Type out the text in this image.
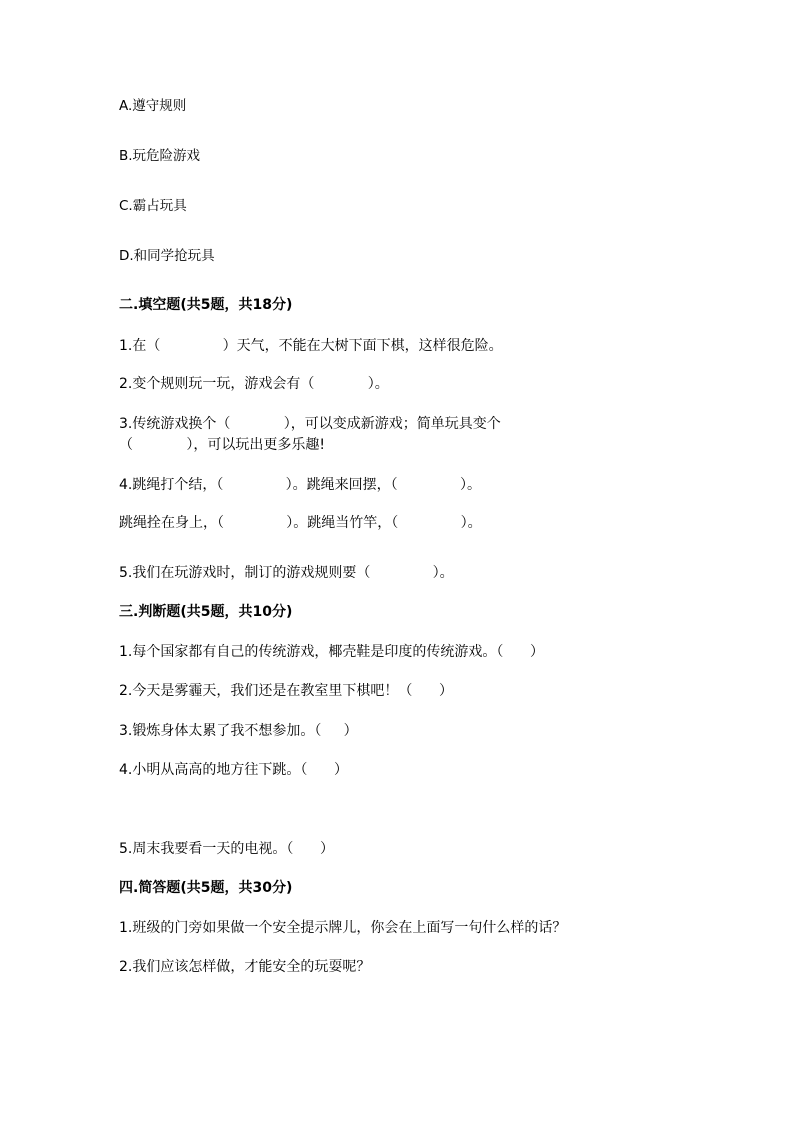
A.遵守规则
B.玩危险游戏
C.霸占玩具
D.和同学抢玩具
二.填空题(共5题，共18分)
1.在（              ）天气，不能在大树下面下棋，这样很危险。
2.变个规则玩一玩，游戏会有（            ）。
3.传统游戏换个（            ），可以变成新游戏；简单玩具变个
（            ），可以玩出更多乐趣!
4.跳绳打个结，（              ）。跳绳来回摆，（              ）。
跳绳拴在身上，（              ）。跳绳当竹竿，（              ）。
5.我们在玩游戏时，制订的游戏规则要（              ）。
三.判断题(共5题，共10分)
1.每个国家都有自己的传统游戏，椰壳鞋是印度的传统游戏。（      ）
2.今天是雾霾天，我们还是在教室里下棋吧！（      ）
3.锻炼身体太累了我不想参加。（     ）
4.小明从高高的地方往下跳。（      ）
5.周末我要看一天的电视。（      ）
四.简答题(共5题，共30分)
1.班级的门旁如果做一个安全提示牌儿，你会在上面写一句什么样的话？
2.我们应该怎样做，才能安全的玩耍呢？
